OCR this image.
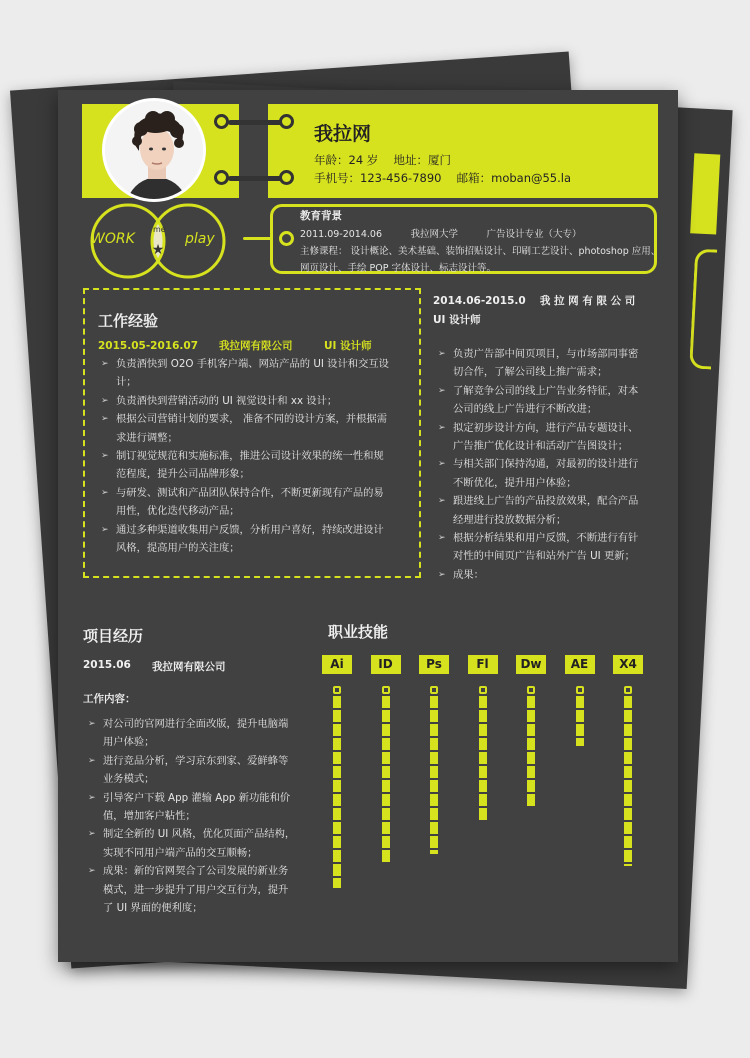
我拉网
年龄：24 岁　 地址：厦门
手机号：123-456-7890　 邮箱：moban@55.la
★
WORK	play
me
教育背景
2011.09-2014.06　　　我拉网大学　　　广告设计专业（大专）
主修课程： 设计概论、美术基础、装饰招贴设计、印刷工艺设计、photoshop 应用、
网页设计、手绘 POP 字体设计、标志设计等。
工作经验
2015.05-2016.07　　我拉网有限公司　　　UI 设计师
➢ 负责酒快到 O2O 手机客户端、网站产品的 UI 设计和交互设
计；
➢ 负责酒快到营销活动的 UI 视觉设计和 xx 设计；
➢ 根据公司营销计划的要求， 准备不同的设计方案，并根据需
求进行调整；
➢ 制订视觉规范和实施标准，推进公司设计效果的统一性和规
范程度，提升公司品牌形象；
➢ 与研发、测试和产品团队保持合作，不断更新现有产品的易
用性，优化迭代移动产品；
➢ 通过多种渠道收集用户反馈，分析用户喜好，持续改进设计
风格，提高用户的关注度；
2014.06-2015.0　 我 拉 网 有 限 公 司
UI 设计师
➢ 负责广告部中间页项目，与市场部同事密
切合作，了解公司线上推广需求；
➢ 了解竞争公司的线上广告业务特征，对本
公司的线上广告进行不断改进；
➢ 拟定初步设计方向，进行产品专题设计、
广告推广优化设计和活动广告图设计；
➢ 与相关部门保持沟通，对最初的设计进行
不断优化，提升用户体验；
➢ 跟进线上广告的产品投放效果，配合产品
经理进行投放数据分析；
➢ 根据分析结果和用户反馈，不断进行有针
对性的中间页广告和站外广告 UI 更新；
➢ 成果：
项目经历
2015.06 我拉网有限公司
工作内容：
➢ 对公司的官网进行全面改版，提升电脑端
用户体验；
➢ 进行竞品分析，学习京东到家、爱鲜蜂等
业务模式；
➢ 引导客户下载 App 灌输 App 新功能和价
值，增加客户粘性；
➢ 制定全新的 UI 风格，优化页面产品结构，
实现不同用户端产品的交互顺畅；
➢ 成果：新的官网契合了公司发展的新业务
模式，进一步提升了用户交互行为，提升
了 UI 界面的便利度；
职业技能
Ai	ID	Ps	Fl	Dw	AE	X4
